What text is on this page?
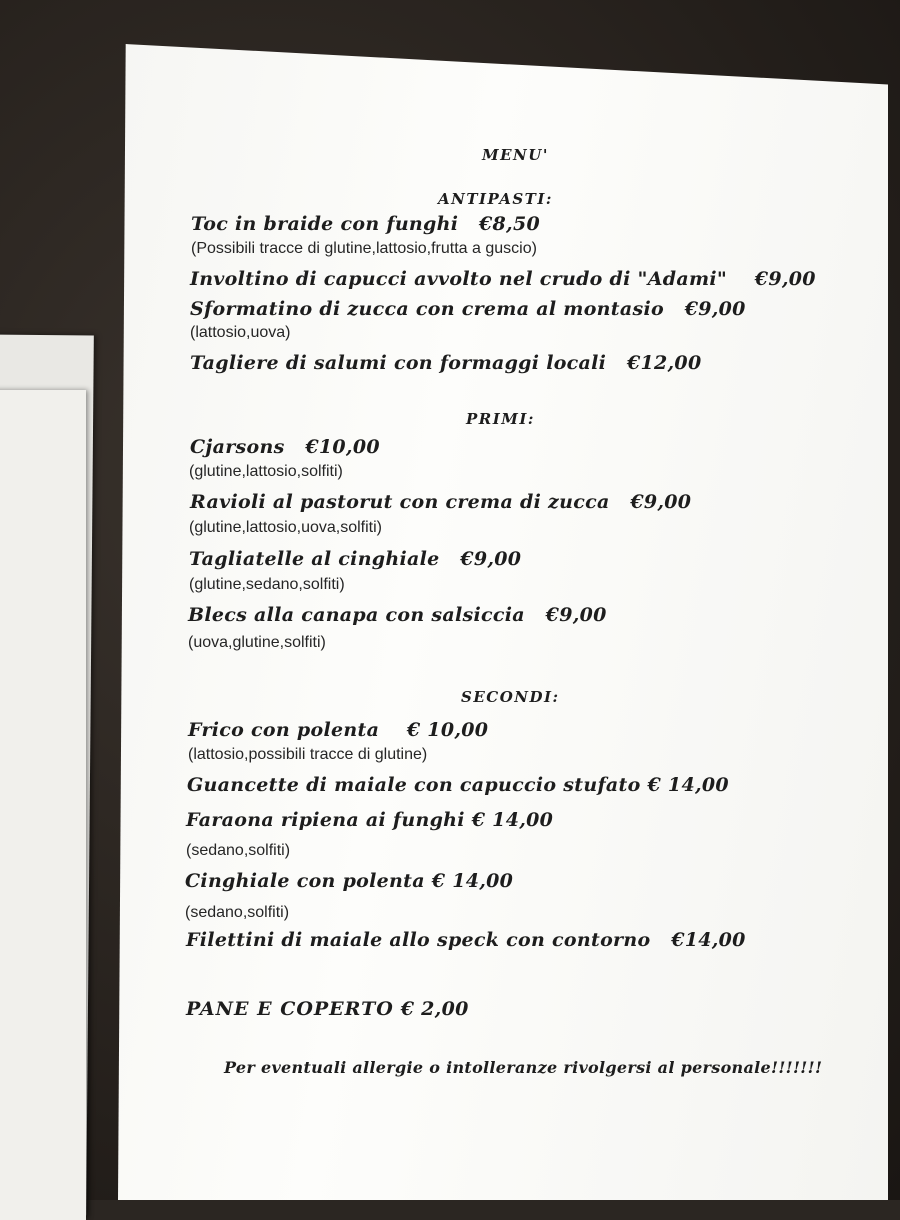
MENU'
ANTIPASTI:
Toc in braide con funghi €8,50
(Possibili tracce di glutine,lattosio,frutta a guscio)
Involtino di capucci avvolto nel crudo di "Adami" €9,00
Sformatino di zucca con crema al montasio €9,00
(lattosio,uova)
Tagliere di salumi con formaggi locali €12,00
PRIMI:
Cjarsons €10,00
(glutine,lattosio,solfiti)
Ravioli al pastorut con crema di zucca €9,00
(glutine,lattosio,uova,solfiti)
Tagliatelle al cinghiale €9,00
(glutine,sedano,solfiti)
Blecs alla canapa con salsiccia €9,00
(uova,glutine,solfiti)
SECONDI:
Frico con polenta € 10,00
(lattosio,possibili tracce di glutine)
Guancette di maiale con capuccio stufato € 14,00
Faraona ripiena ai funghi € 14,00
(sedano,solfiti)
Cinghiale con polenta € 14,00
(sedano,solfiti)
Filettini di maiale allo speck con contorno €14,00
PANE E COPERTO € 2,00
Per eventuali allergie o intolleranze rivolgersi al personale!!!!!!!
